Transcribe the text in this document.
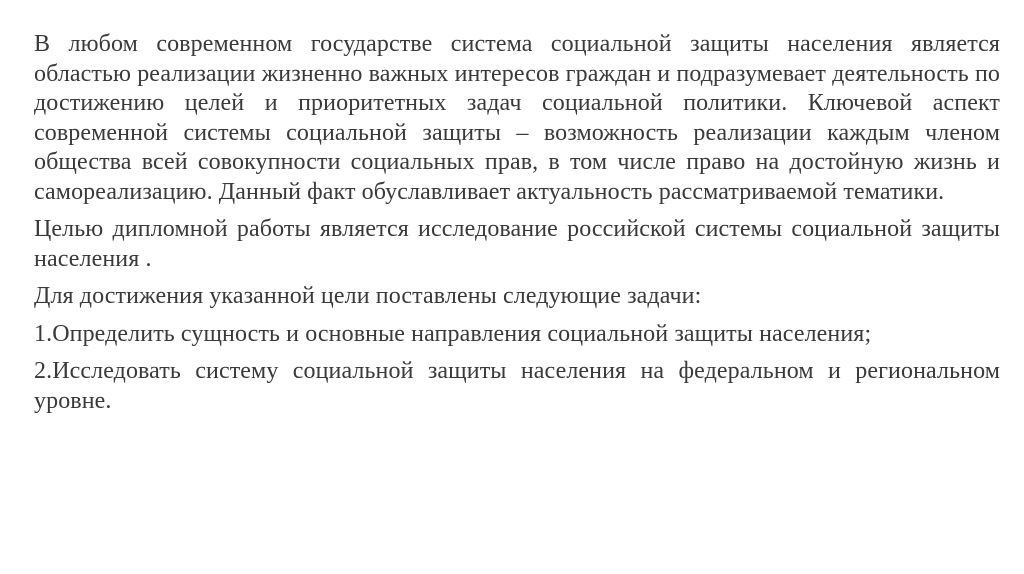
В любом современном государстве система социальной защиты населения является областью реализации жизненно важных интересов граждан и подразумевает деятельность по достижению целей и приоритетных задач социальной политики. Ключевой аспект современной системы социальной защиты – возможность реализации каждым членом общества всей совокупности социальных прав, в том числе право на достойную жизнь и самореализацию. Данный факт обуславливает актуальность рассматриваемой тематики.

Целью дипломной работы является исследование российской системы социальной защиты населения .

Для достижения указанной цели поставлены следующие задачи:

1.Определить сущность и основные направления социальной защиты населения;

2.Исследовать систему социальной защиты населения на федеральном и региональном уровне.
